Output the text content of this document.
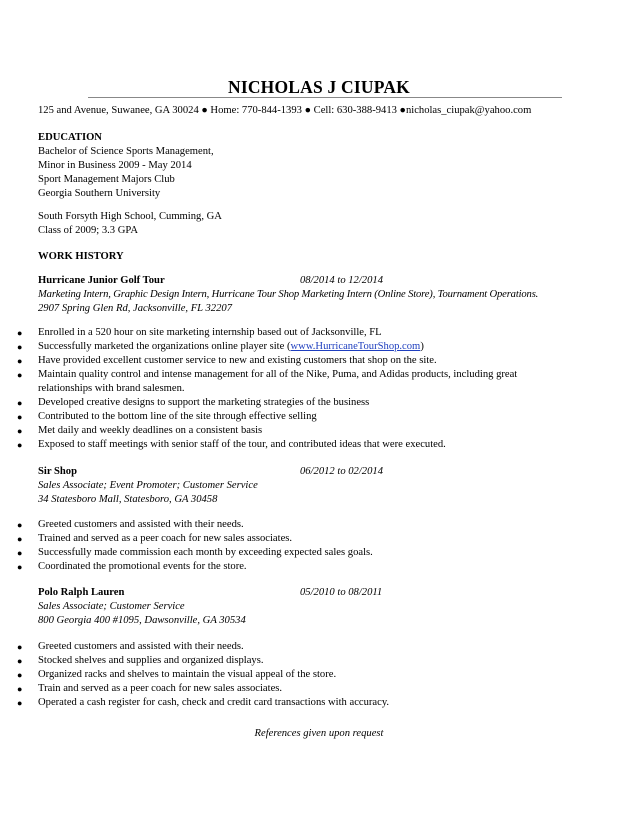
NICHOLAS J CIUPAK
125 and Avenue, Suwanee, GA 30024 ● Home: 770-844-1393 ● Cell: 630-388-9413 ●nicholas_ciupak@yahoo.com
EDUCATION
Bachelor of Science Sports Management,
Minor in Business 2009 - May 2014
Sport Management Majors Club
Georgia Southern University
South Forsyth High School, Cumming, GA
Class of 2009; 3.3 GPA
WORK HISTORY
Hurricane Junior Golf Tour	08/2014 to 12/2014
Marketing Intern, Graphic Design Intern, Hurricane Tour Shop Marketing Intern (Online Store), Tournament Operations.
2907 Spring Glen Rd, Jacksonville, FL 32207
● Enrolled in a 520 hour on site marketing internship based out of Jacksonville, FL
● Successfully marketed the organizations online player site (www.HurricaneTourShop.com)
● Have provided excellent customer service to new and existing customers that shop on the site.
● Maintain quality control and intense management for all of the Nike, Puma, and Adidas products, including great
relationships with brand salesmen.
● Developed creative designs to support the marketing strategies of the business
● Contributed to the bottom line of the site through effective selling
● Met daily and weekly deadlines on a consistent basis
● Exposed to staff meetings with senior staff of the tour, and contributed ideas that were executed.
Sir Shop	06/2012 to 02/2014
Sales Associate; Event Promoter; Customer Service
34 Statesboro Mall, Statesboro, GA 30458
● Greeted customers and assisted with their needs.
● Trained and served as a peer coach for new sales associates.
● Successfully made commission each month by exceeding expected sales goals.
● Coordinated the promotional events for the store.
Polo Ralph Lauren	05/2010 to 08/2011
Sales Associate; Customer Service
800 Georgia 400 #1095, Dawsonville, GA 30534
● Greeted customers and assisted with their needs.
● Stocked shelves and supplies and organized displays.
● Organized racks and shelves to maintain the visual appeal of the store.
● Train and served as a peer coach for new sales associates.
● Operated a cash register for cash, check and credit card transactions with accuracy.
References given upon request
